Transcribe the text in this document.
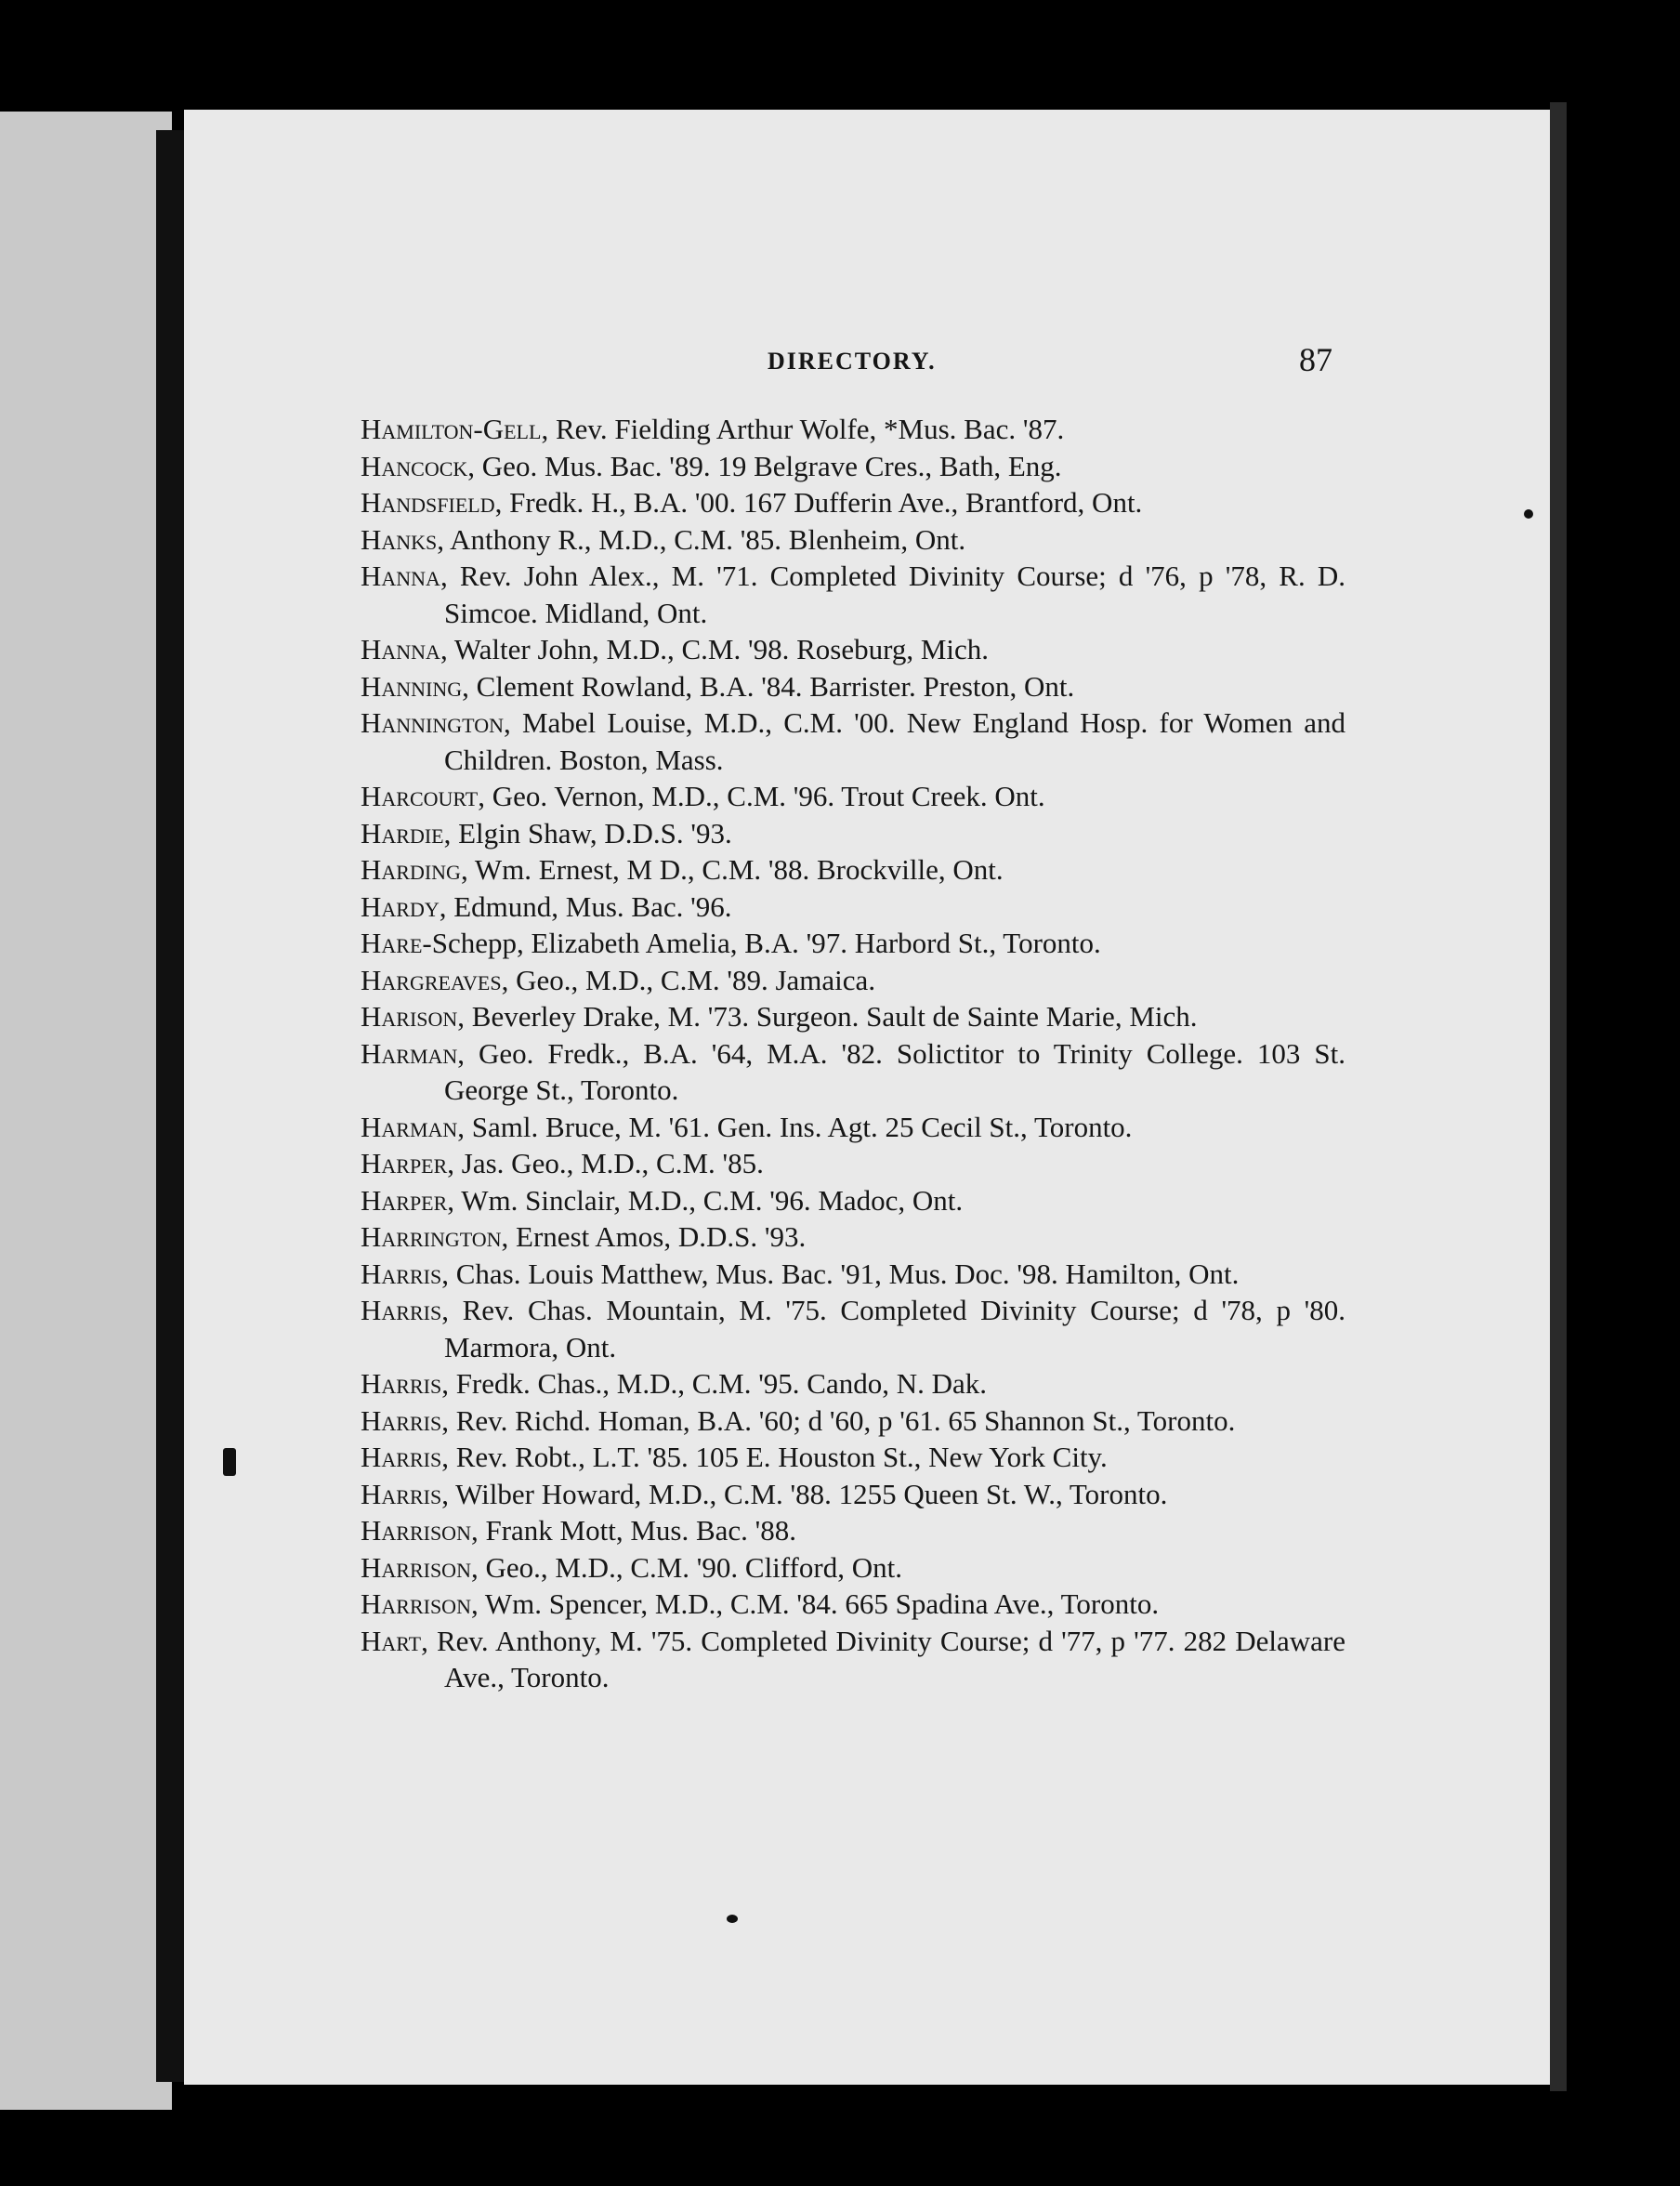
DIRECTORY.	87
Hamilton-Gell, Rev. Fielding Arthur Wolfe, *Mus. Bac. '87.
Hancock, Geo. Mus. Bac. '89. 19 Belgrave Cres., Bath, Eng.
Handsfield, Fredk. H., B.A. '00. 167 Dufferin Ave., Brantford, Ont.
Hanks, Anthony R., M.D., C.M. '85. Blenheim, Ont.
Hanna, Rev. John Alex., M. '71. Completed Divinity Course; d '76, p '78, R. D. Simcoe. Midland, Ont.
Hanna, Walter John, M.D., C.M. '98. Roseburg, Mich.
Hanning, Clement Rowland, B.A. '84. Barrister. Preston, Ont.
Hannington, Mabel Louise, M.D., C.M. '00. New England Hosp. for Women and Children. Boston, Mass.
Harcourt, Geo. Vernon, M.D., C.M. '96. Trout Creek. Ont.
Hardie, Elgin Shaw, D.D.S. '93.
Harding, Wm. Ernest, M D., C.M. '88. Brockville, Ont.
Hardy, Edmund, Mus. Bac. '96.
Hare-Schepp, Elizabeth Amelia, B.A. '97. Harbord St., Toronto.
Hargreaves, Geo., M.D., C.M. '89. Jamaica.
Harison, Beverley Drake, M. '73. Surgeon. Sault de Sainte Marie, Mich.
Harman, Geo. Fredk., B.A. '64, M.A. '82. Solictitor to Trinity College. 103 St. George St., Toronto.
Harman, Saml. Bruce, M. '61. Gen. Ins. Agt. 25 Cecil St., Toronto.
Harper, Jas. Geo., M.D., C.M. '85.
Harper, Wm. Sinclair, M.D., C.M. '96. Madoc, Ont.
Harrington, Ernest Amos, D.D.S. '93.
Harris, Chas. Louis Matthew, Mus. Bac. '91, Mus. Doc. '98. Hamilton, Ont.
Harris, Rev. Chas. Mountain, M. '75. Completed Divinity Course; d '78, p '80. Marmora, Ont.
Harris, Fredk. Chas., M.D., C.M. '95. Cando, N. Dak.
Harris, Rev. Richd. Homan, B.A. '60; d '60, p '61. 65 Shannon St., Toronto.
Harris, Rev. Robt., L.T. '85. 105 E. Houston St., New York City.
Harris, Wilber Howard, M.D., C.M. '88. 1255 Queen St. W., Toronto.
Harrison, Frank Mott, Mus. Bac. '88.
Harrison, Geo., M.D., C.M. '90. Clifford, Ont.
Harrison, Wm. Spencer, M.D., C.M. '84. 665 Spadina Ave., Toronto.
Hart, Rev. Anthony, M. '75. Completed Divinity Course; d '77, p '77. 282 Delaware Ave., Toronto.
